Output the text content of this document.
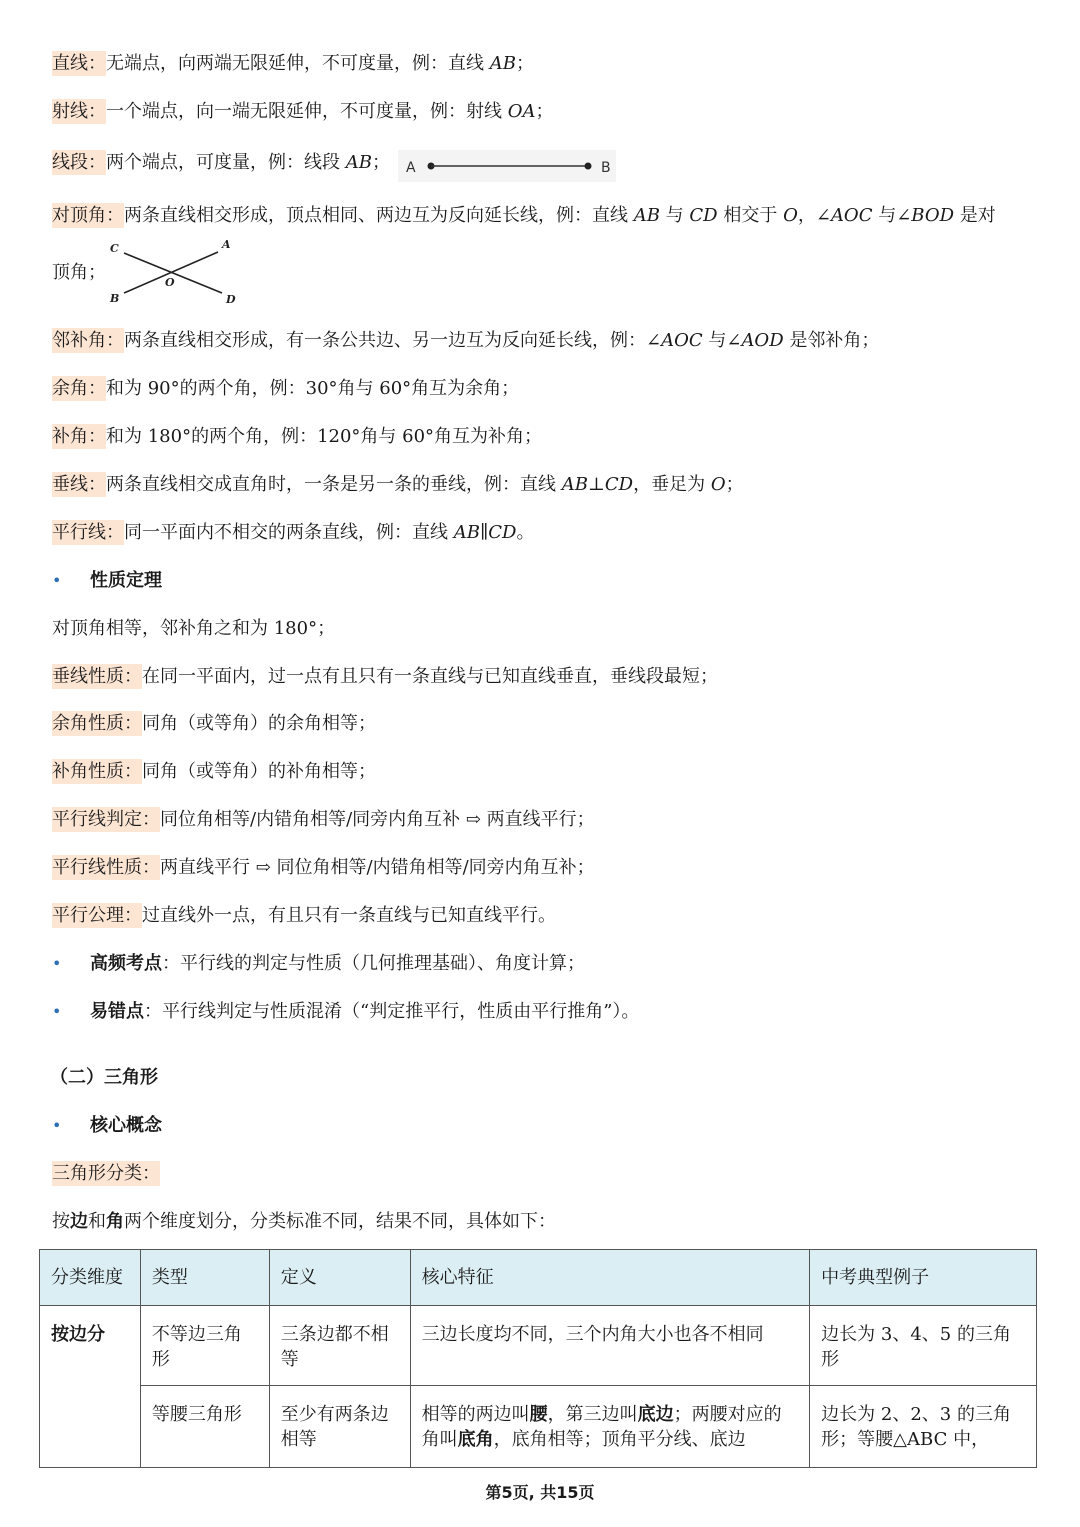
直线：无端点，向两端无限延伸，不可度量，例：直线 AB；
射线：一个端点，向一端无限延伸，不可度量，例：射线 OA；
线段：两个端点，可度量，例：线段 AB； A	B
对顶角：两条直线相交形成，顶点相同、两边互为反向延长线，例：直线 AB 与 CD 相交于 O，∠AOC 与∠BOD 是对
顶角；
C	A
O
B	D
邻补角：两条直线相交形成，有一条公共边、另一边互为反向延长线，例：∠AOC 与∠AOD 是邻补角；
余角：和为 90°的两个角，例：30°角与 60°角互为余角；
补角：和为 180°的两个角，例：120°角与 60°角互为补角；
垂线：两条直线相交成直角时，一条是另一条的垂线，例：直线 AB⊥CD，垂足为 O；
平行线：同一平面内不相交的两条直线，例：直线 AB∥CD。
• 性质定理
对顶角相等，邻补角之和为 180°；
垂线性质：在同一平面内，过一点有且只有一条直线与已知直线垂直，垂线段最短；
余角性质：同角（或等角）的余角相等；
补角性质：同角（或等角）的补角相等；
平行线判定：同位角相等/内错角相等/同旁内角互补 ⇨ 两直线平行；
平行线性质：两直线平行 ⇨ 同位角相等/内错角相等/同旁内角互补；
平行公理：过直线外一点，有且只有一条直线与已知直线平行。
• 高频考点：平行线的判定与性质（几何推理基础）、角度计算；
• 易错点：平行线判定与性质混淆（“判定推平行，性质由平行推角”）。
（二）三角形
• 核心概念
三角形分类：
按边和角两个维度划分，分类标准不同，结果不同，具体如下：
分类维度	类型	定义	核心特征	中考典型例子
按边分	不等边三角形	三条边都不相等	三边长度均不同，三个内角大小也各不相同	边长为 3、4、5 的三角形
	等腰三角形	至少有两条边相等	相等的两边叫腰，第三边叫底边；两腰对应的角叫底角，底角相等；顶角平分线、底边	边长为 2、2、3 的三角形；等腰△ABC 中，
第5页, 共15页
